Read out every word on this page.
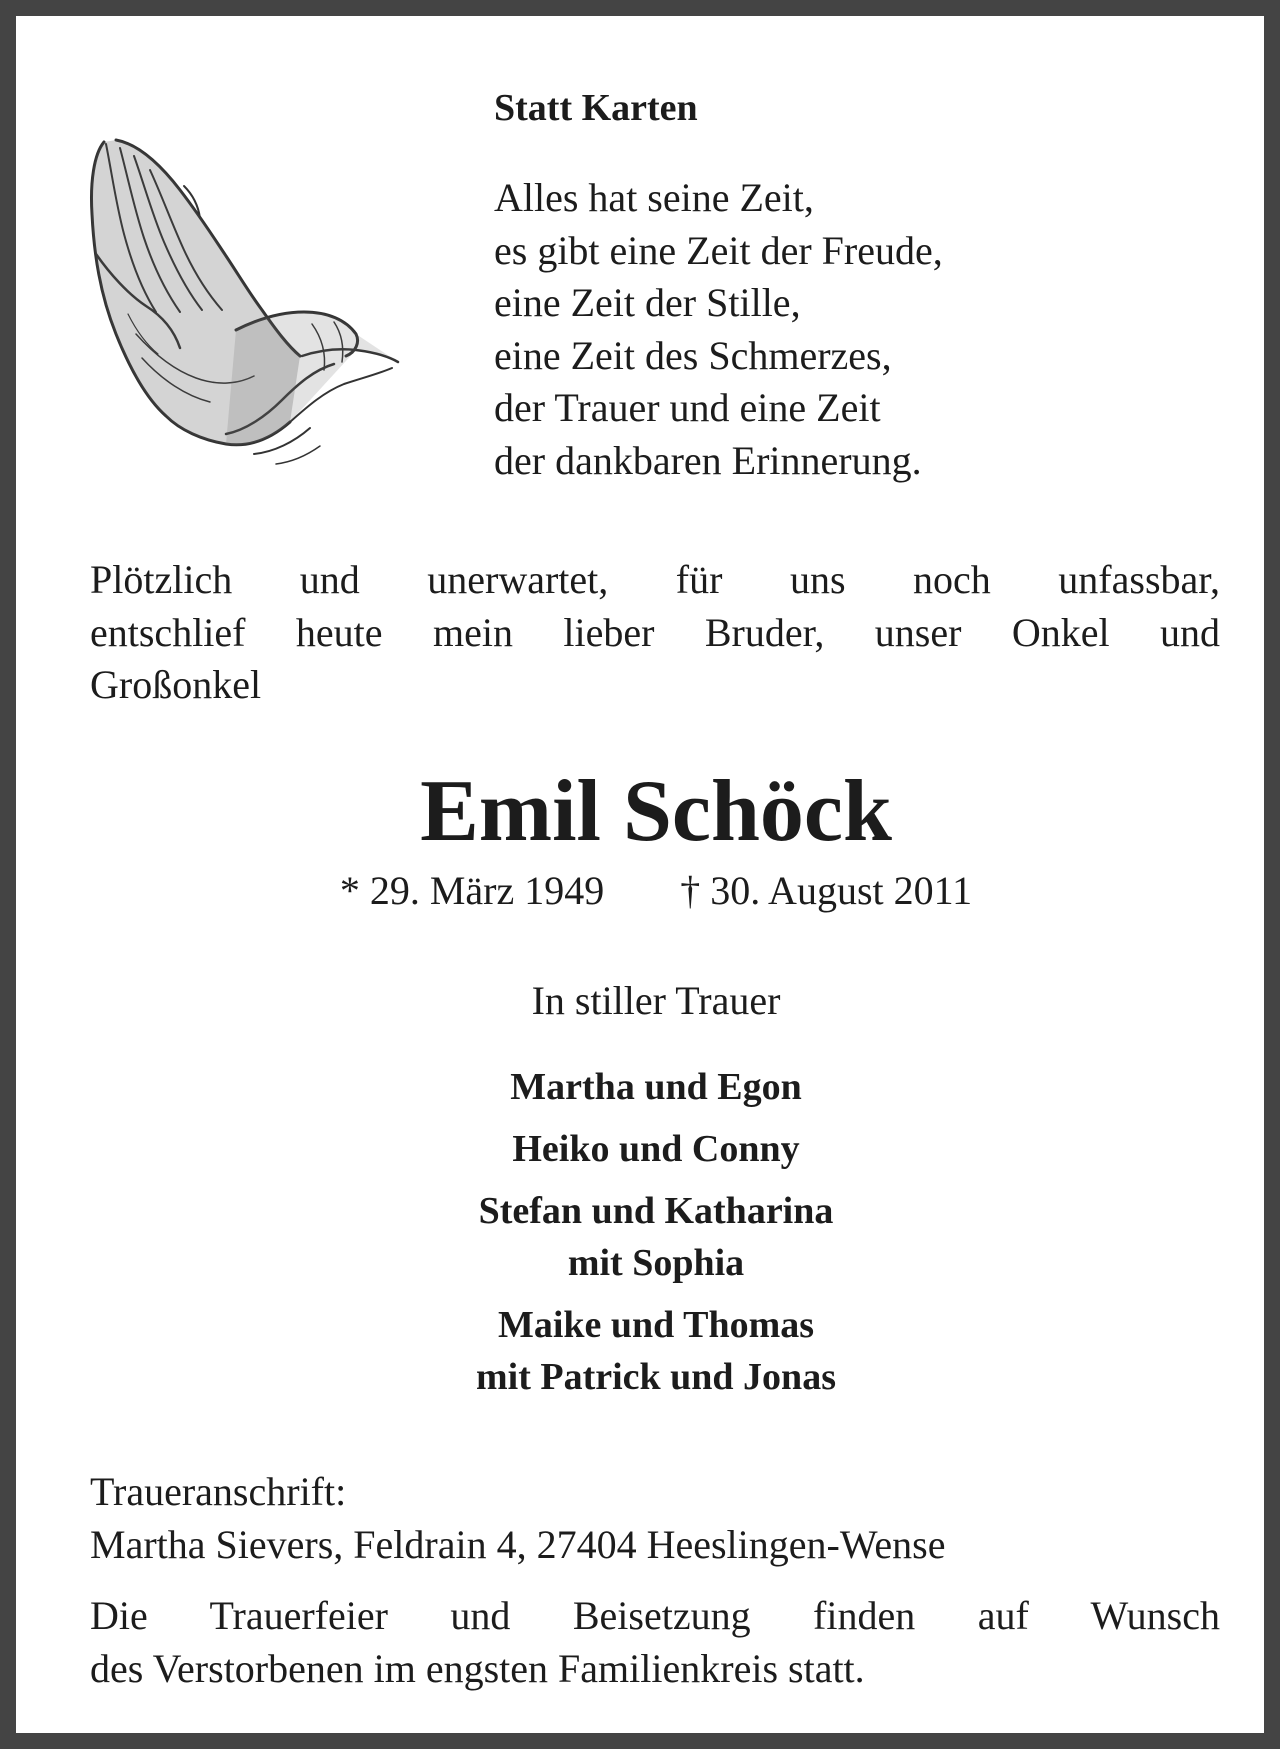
Statt Karten

Alles hat seine Zeit,
es gibt eine Zeit der Freude,
eine Zeit der Stille,
eine Zeit des Schmerzes,
der Trauer und eine Zeit
der dankbaren Erinnerung.
Plötzlich und unerwartet, für uns noch unfassbar,
entschlief heute mein lieber Bruder, unser Onkel und
Großonkel
Emil Schöck
* 29. März 1949 † 30. August 2011
In stiller Trauer
Martha und Egon
Heiko und Conny
Stefan und Katharina
mit Sophia
Maike und Thomas
mit Patrick und Jonas
Traueranschrift:
Martha Sievers, Feldrain 4, 27404 Heeslingen-Wense
Die Trauerfeier und Beisetzung finden auf Wunsch
des Verstorbenen im engsten Familienkreis statt.
